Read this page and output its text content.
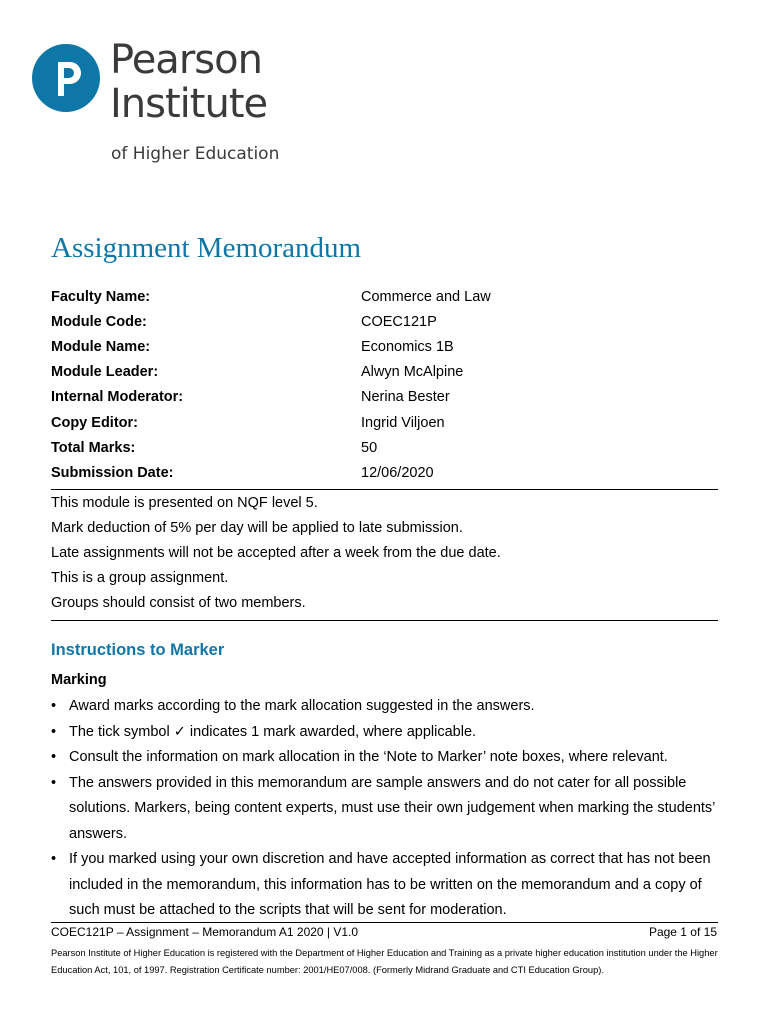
Pearson
Institute
of Higher Education
Assignment Memorandum
Faculty Name:	Commerce and Law
Module Code:	COEC121P
Module Name:	Economics 1B
Module Leader:	Alwyn McAlpine
Internal Moderator:	Nerina Bester
Copy Editor:	Ingrid Viljoen
Total Marks:	50
Submission Date:	12/06/2020
This module is presented on NQF level 5.
Mark deduction of 5% per day will be applied to late submission.
Late assignments will not be accepted after a week from the due date.
This is a group assignment.
Groups should consist of two members.
Instructions to Marker
Marking
• Award marks according to the mark allocation suggested in the answers.
• The tick symbol ✓ indicates 1 mark awarded, where applicable.
• Consult the information on mark allocation in the ‘Note to Marker’ note boxes, where relevant.
• The answers provided in this memorandum are sample answers and do not cater for all possible solutions. Markers, being content experts, must use their own judgement when marking the students’ answers.
• If you marked using your own discretion and have accepted information as correct that has not been included in the memorandum, this information has to be written on the memorandum and a copy of such must be attached to the scripts that will be sent for moderation.
COEC121P – Assignment – Memorandum A1 2020 | V1.0	Page 1 of 15
Pearson Institute of Higher Education is registered with the Department of Higher Education and Training as a private higher education institution under the Higher Education Act, 101, of 1997. Registration Certificate number: 2001/HE07/008. (Formerly Midrand Graduate and CTI Education Group).
